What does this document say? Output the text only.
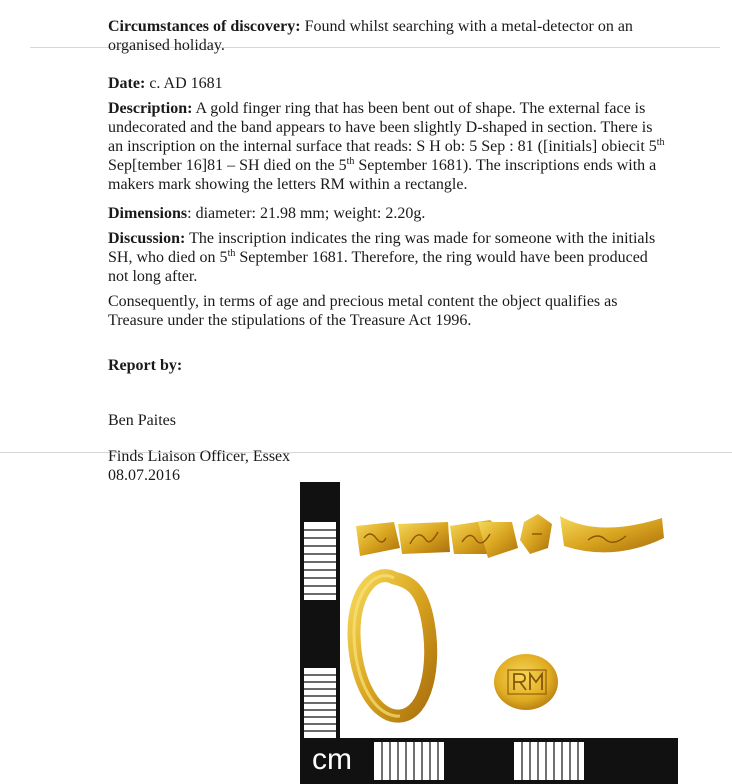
Circumstances of discovery: Found whilst searching with a metal-detector on an organised holiday.

Date: c. AD 1681

Description: A gold finger ring that has been bent out of shape. The external face is undecorated and the band appears to have been slightly D-shaped in section. There is an inscription on the internal surface that reads: S H ob: 5 Sep : 81 ([initials] obiecit 5th Sep[tember 16]81 – SH died on the 5th September 1681). The inscriptions ends with a makers mark showing the letters RM within a rectangle.

Dimensions: diameter: 21.98 mm; weight: 2.20g.

Discussion: The inscription indicates the ring was made for someone with the initials SH, who died on 5th September 1681. Therefore, the ring would have been produced not long after.

Consequently, in terms of age and precious metal content the object qualifies as Treasure under the stipulations of the Treasure Act 1996.

Report by:

Ben Paites

Finds Liaison Officer, Essex

08.07.2016

cm
